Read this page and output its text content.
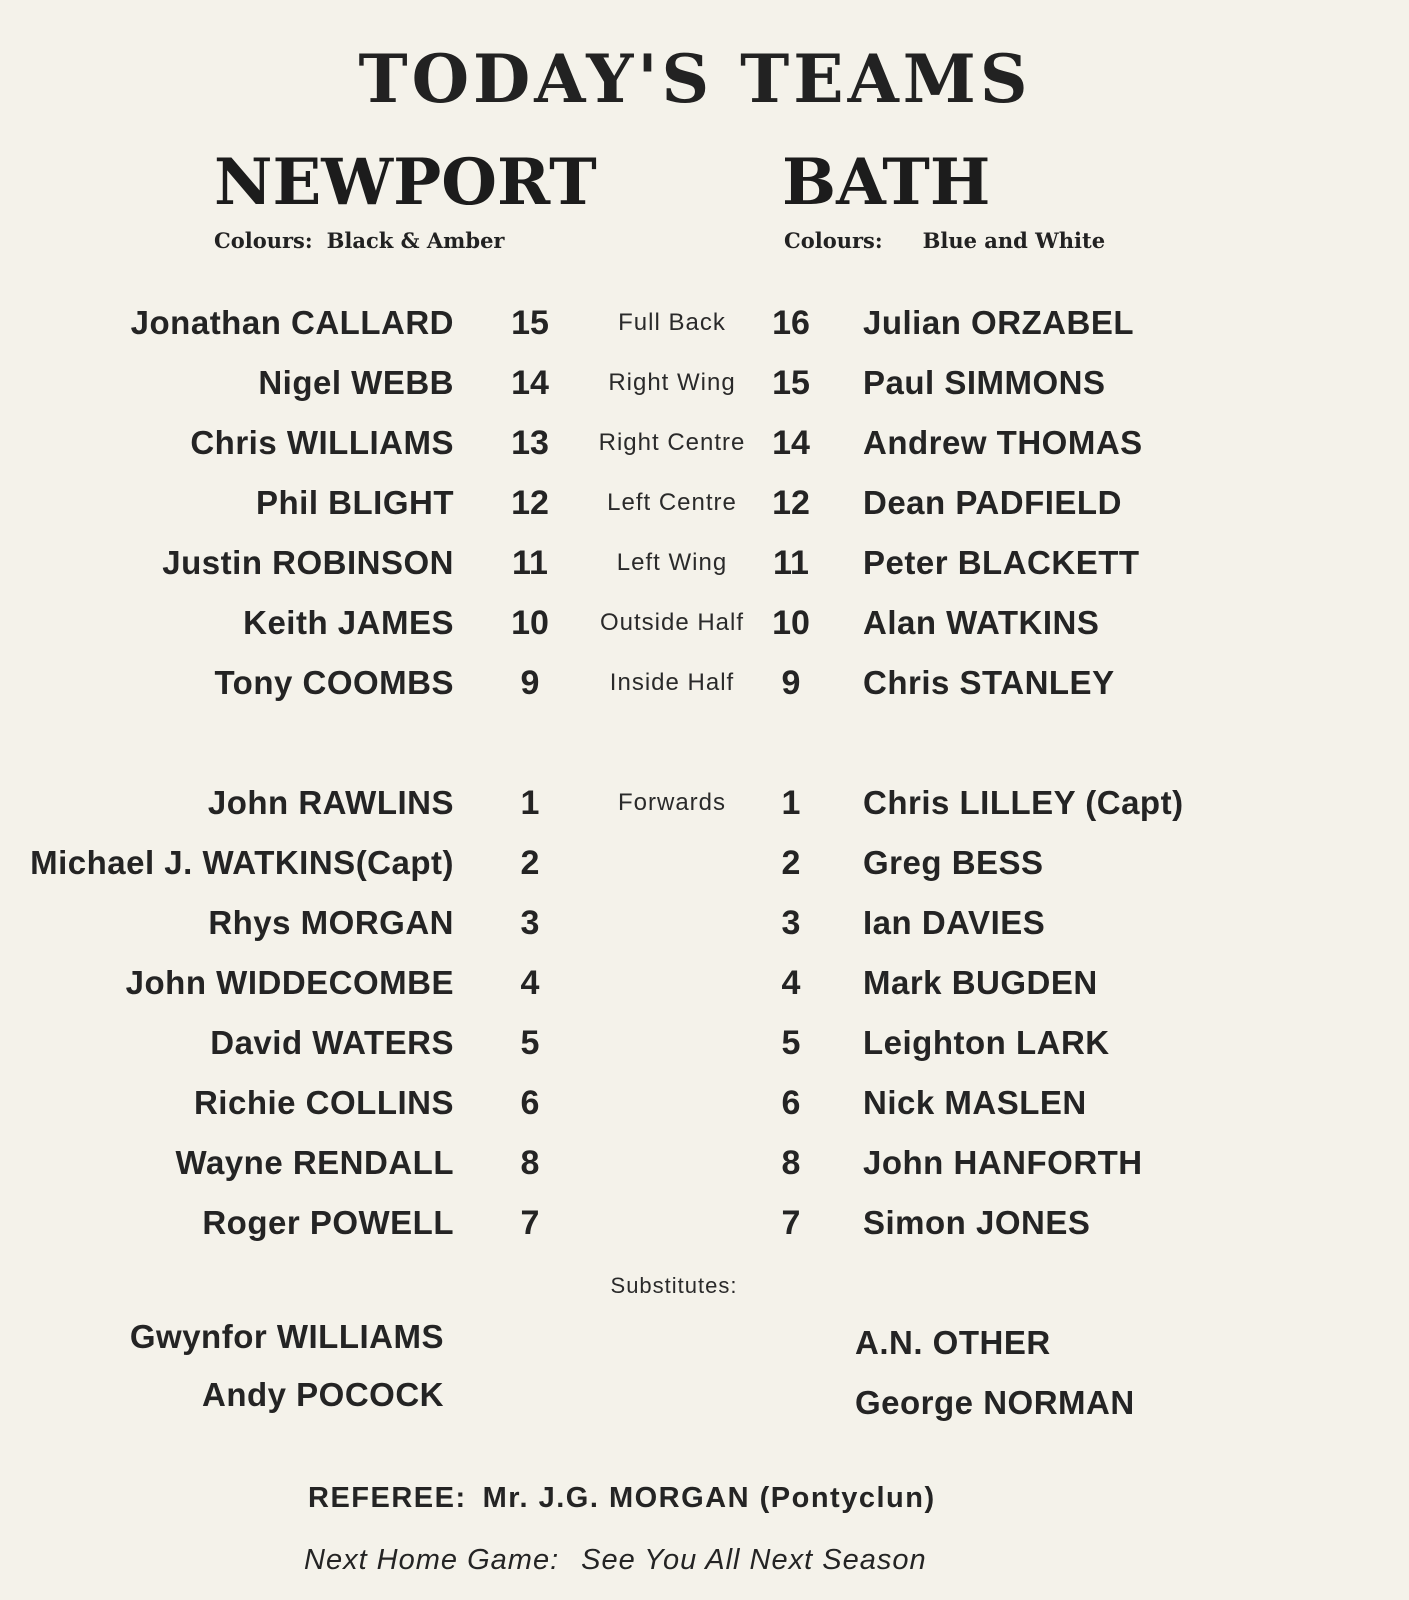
TODAY'S TEAMS
NEWPORT	BATH
Colours: Black & Amber	Colours: Blue and White
Jonathan CALLARD 15	Full Back	16 Julian ORZABEL
Nigel WEBB 14	Right Wing	15 Paul SIMMONS
Chris WILLIAMS 13	Right Centre 14 Andrew THOMAS
Phil BLIGHT 12	Left Centre	12 Dean PADFIELD
Justin ROBINSON 11	Left Wing	11 Peter BLACKETT
Keith JAMES 10	Outside Half 10 Alan WATKINS
Tony COOMBS	9	Inside Half	9	Chris STANLEY
John RAWLINS	1	Forwards	1	Chris LILLEY (Capt)
Michael J. WATKINS(Capt)	2	2	Greg BESS
Rhys MORGAN	3	3	Ian DAVIES
John WIDDECOMBE	4	4	Mark BUGDEN
David WATERS	5	5	Leighton LARK
Richie COLLINS	6	6	Nick MASLEN
Wayne RENDALL	8	8	John HANFORTH
Roger POWELL	7	7	Simon JONES
Substitutes:
Gwynfor WILLIAMS
Andy POCOCK
A.N. OTHER
George NORMAN
REFEREE: Mr. J.G. MORGAN (Pontyclun)
Next Home Game: See You All Next Season
